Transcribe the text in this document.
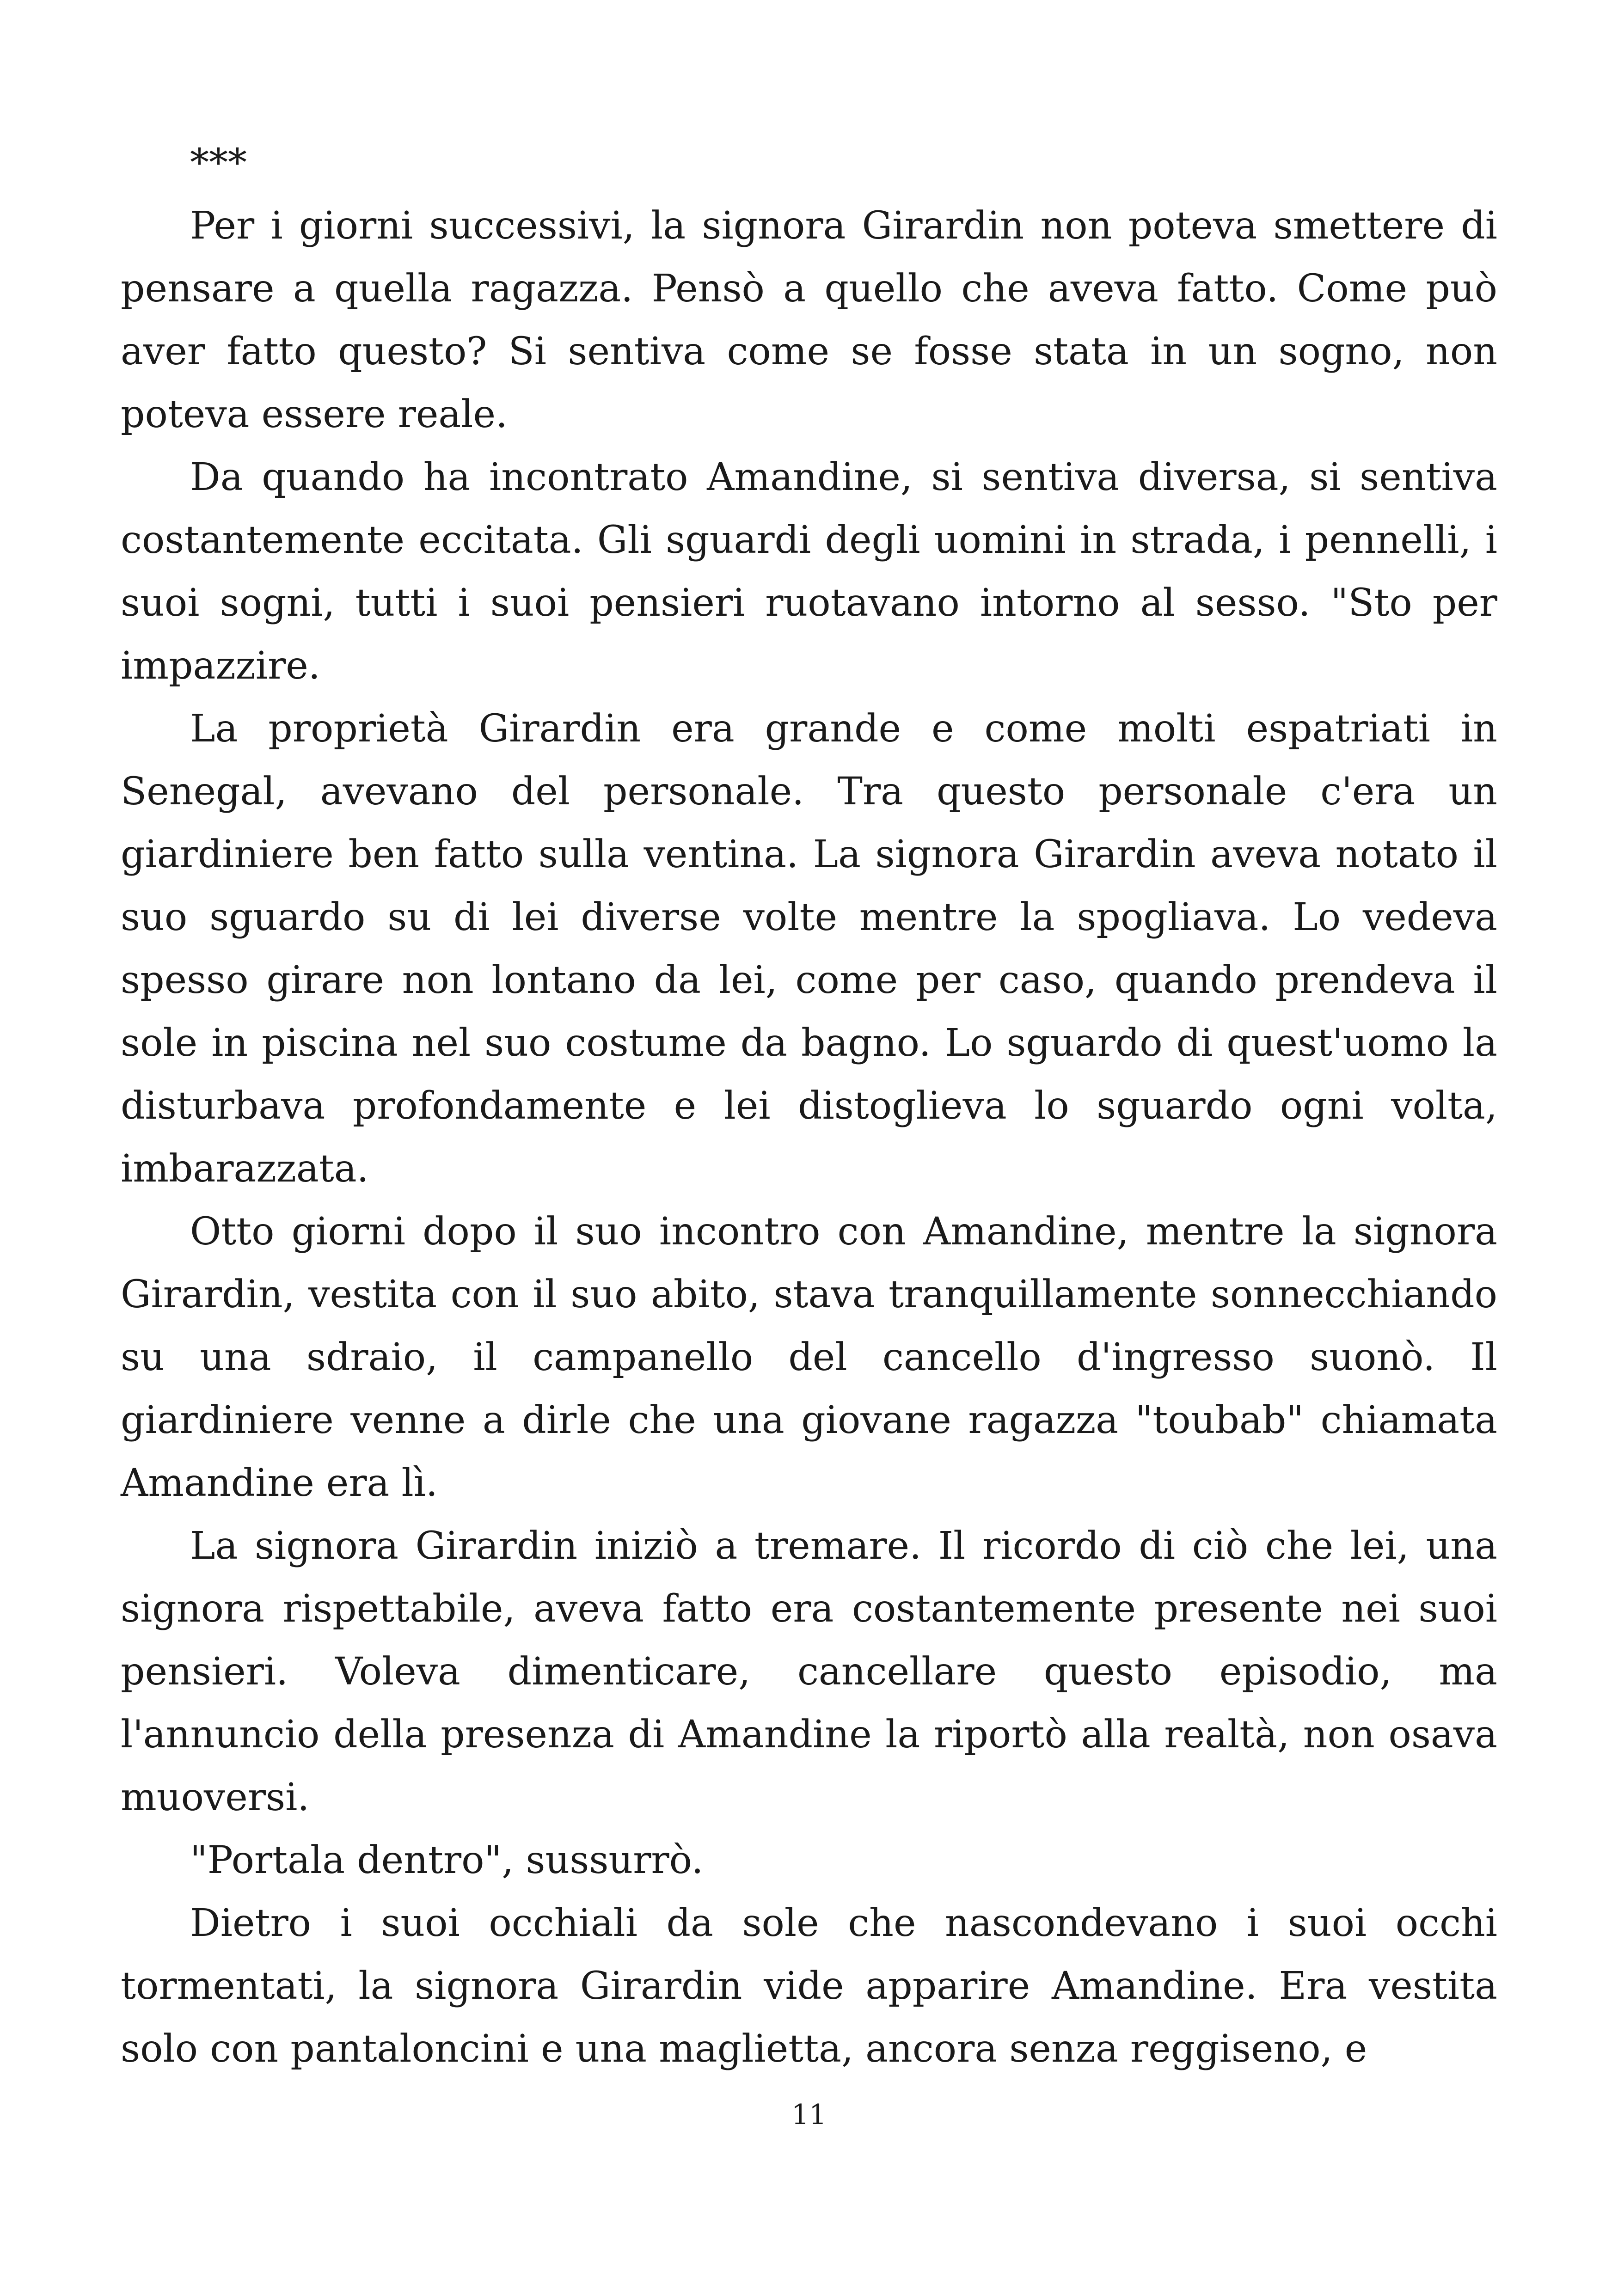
***

Per i giorni successivi, la signora Girardin non poteva smettere di pensare a quella ragazza. Pensò a quello che aveva fatto. Come può aver fatto questo? Si sentiva come se fosse stata in un sogno, non poteva essere reale.

Da quando ha incontrato Amandine, si sentiva diversa, si sentiva costantemente eccitata. Gli sguardi degli uomini in strada, i pennelli, i suoi sogni, tutti i suoi pensieri ruotavano intorno al sesso. "Sto per impazzire.

La proprietà Girardin era grande e come molti espatriati in Senegal, avevano del personale. Tra questo personale c'era un giardiniere ben fatto sulla ventina. La signora Girardin aveva notato il suo sguardo su di lei diverse volte mentre la spogliava. Lo vedeva spesso girare non lontano da lei, come per caso, quando prendeva il sole in piscina nel suo costume da bagno. Lo sguardo di quest'uomo la disturbava profondamente e lei distoglieva lo sguardo ogni volta, imbarazzata.

Otto giorni dopo il suo incontro con Amandine, mentre la signora Girardin, vestita con il suo abito, stava tranquillamente sonnecchiando su una sdraio, il campanello del cancello d'ingresso suonò. Il giardiniere venne a dirle che una giovane ragazza "toubab" chiamata Amandine era lì.

La signora Girardin iniziò a tremare. Il ricordo di ciò che lei, una signora rispettabile, aveva fatto era costantemente presente nei suoi pensieri. Voleva dimenticare, cancellare questo episodio, ma l'annuncio della presenza di Amandine la riportò alla realtà, non osava muoversi.

"Portala dentro", sussurrò.

Dietro i suoi occhiali da sole che nascondevano i suoi occhi tormentati, la signora Girardin vide apparire Amandine. Era vestita solo con pantaloncini e una maglietta, ancora senza reggiseno, e

11
